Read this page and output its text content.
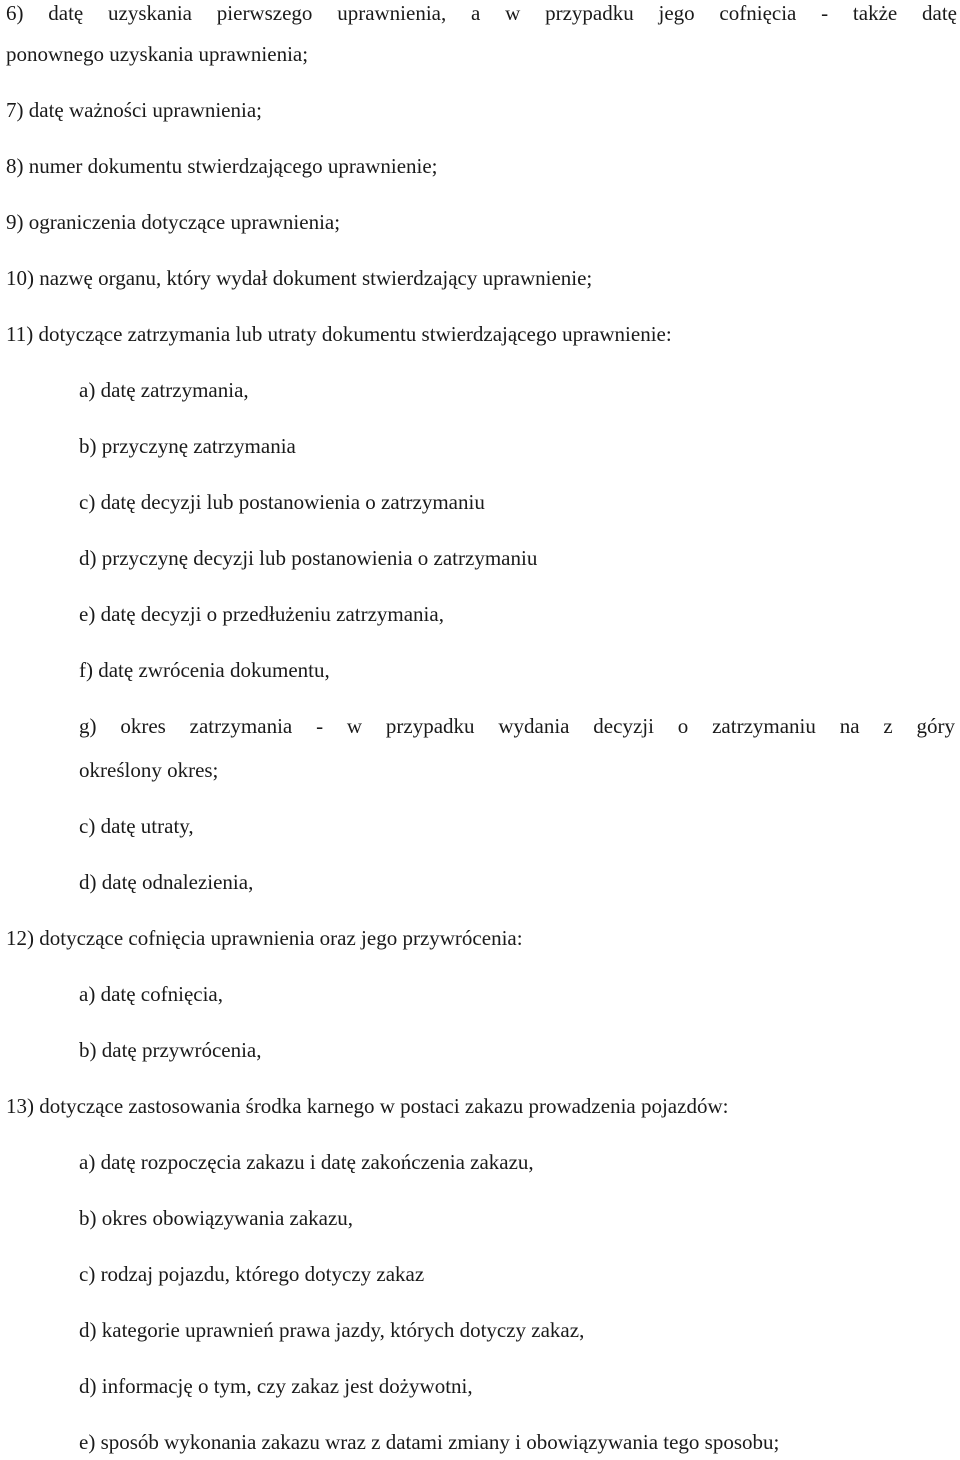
6) datę uzyskania pierwszego uprawnienia, a w przypadku jego cofnięcia - także datę
ponownego uzyskania uprawnienia;
7) datę ważności uprawnienia;
8) numer dokumentu stwierdzającego uprawnienie;
9) ograniczenia dotyczące uprawnienia;
10) nazwę organu, który wydał dokument stwierdzający uprawnienie;
11) dotyczące zatrzymania lub utraty dokumentu stwierdzającego uprawnienie:
a) datę zatrzymania,
b) przyczynę zatrzymania
c) datę decyzji lub postanowienia o zatrzymaniu
d) przyczynę decyzji lub postanowienia o zatrzymaniu
e) datę decyzji o przedłużeniu zatrzymania,
f) datę zwrócenia dokumentu,
g) okres zatrzymania - w przypadku wydania decyzji o zatrzymaniu na z góry
określony okres;
c) datę utraty,
d) datę odnalezienia,
12) dotyczące cofnięcia uprawnienia oraz jego przywrócenia:
a) datę cofnięcia,
b) datę przywrócenia,
13) dotyczące zastosowania środka karnego w postaci zakazu prowadzenia pojazdów:
a) datę rozpoczęcia zakazu i datę zakończenia zakazu,
b) okres obowiązywania zakazu,
c) rodzaj pojazdu, którego dotyczy zakaz
d) kategorie uprawnień prawa jazdy, których dotyczy zakaz,
d) informację o tym, czy zakaz jest dożywotni,
e) sposób wykonania zakazu wraz z datami zmiany i obowiązywania tego sposobu;
